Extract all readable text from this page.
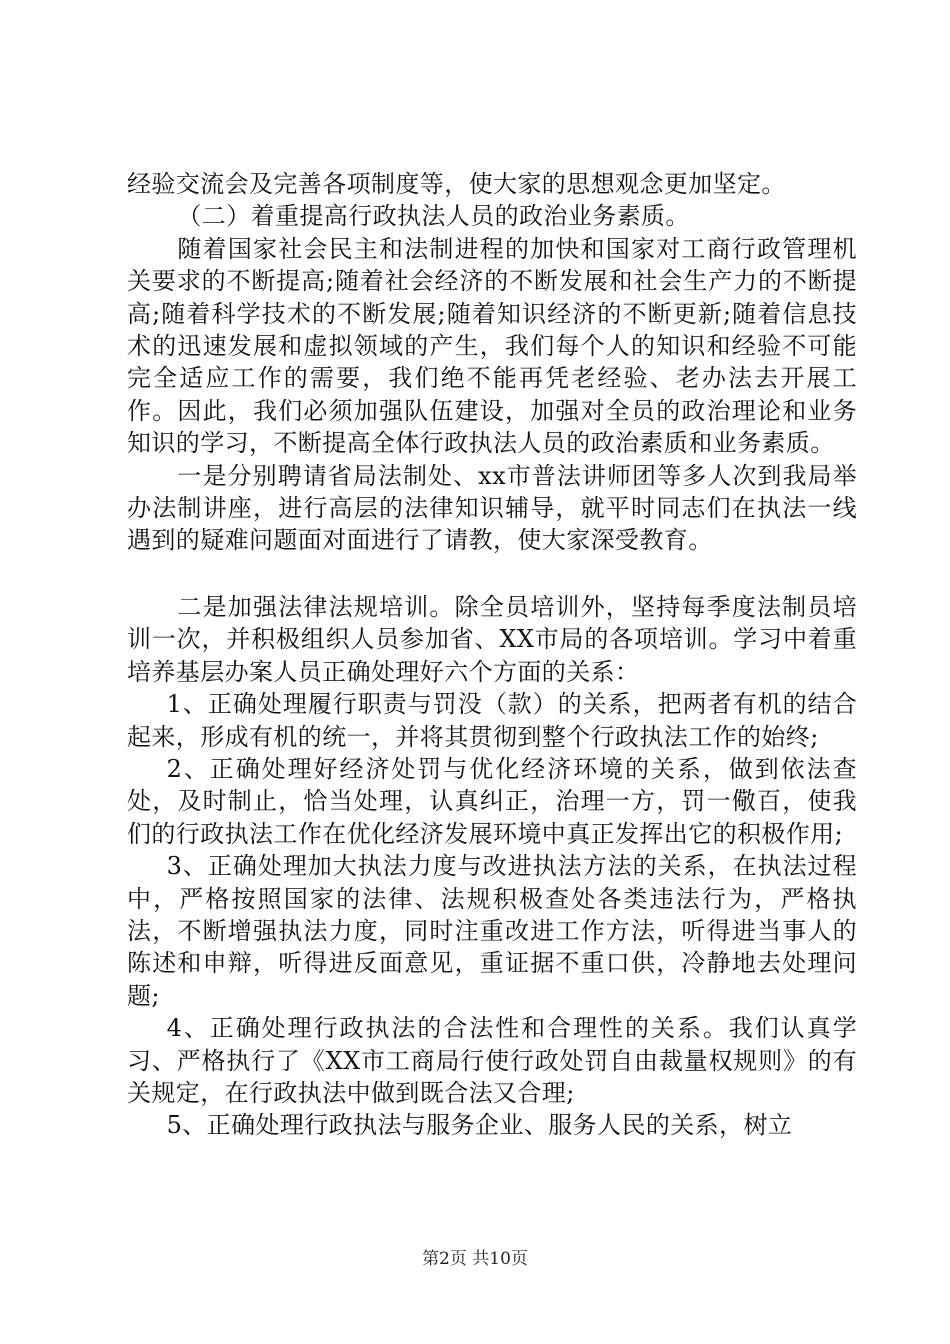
经验交流会及完善各项制度等，使大家的思想观念更加坚定。

（二）着重提高行政执法人员的政治业务素质。

随着国家社会民主和法制进程的加快和国家对工商行政管理机关要求的不断提高;随着社会经济的不断发展和社会生产力的不断提高;随着科学技术的不断发展;随着知识经济的不断更新;随着信息技术的迅速发展和虚拟领域的产生，我们每个人的知识和经验不可能完全适应工作的需要，我们绝不能再凭老经验、老办法去开展工作。因此，我们必须加强队伍建设，加强对全员的政治理论和业务知识的学习，不断提高全体行政执法人员的政治素质和业务素质。

一是分别聘请省局法制处、xx市普法讲师团等多人次到我局举办法制讲座，进行高层的法律知识辅导，就平时同志们在执法一线遇到的疑难问题面对面进行了请教，使大家深受教育。

二是加强法律法规培训。除全员培训外，坚持每季度法制员培训一次，并积极组织人员参加省、XX市局的各项培训。学习中着重培养基层办案人员正确处理好六个方面的关系：

1、正确处理履行职责与罚没（款）的关系，把两者有机的结合起来，形成有机的统一，并将其贯彻到整个行政执法工作的始终;

2、正确处理好经济处罚与优化经济环境的关系，做到依法查处，及时制止，恰当处理，认真纠正，治理一方，罚一儆百，使我们的行政执法工作在优化经济发展环境中真正发挥出它的积极作用;

3、正确处理加大执法力度与改进执法方法的关系，在执法过程中，严格按照国家的法律、法规积极查处各类违法行为，严格执法，不断增强执法力度，同时注重改进工作方法，听得进当事人的陈述和申辩，听得进反面意见，重证据不重口供，冷静地去处理问题;

4、正确处理行政执法的合法性和合理性的关系。我们认真学习、严格执行了《XX市工商局行使行政处罚自由裁量权规则》的有关规定，在行政执法中做到既合法又合理;

5、正确处理行政执法与服务企业、服务人民的关系，树立

第2页 共10页
